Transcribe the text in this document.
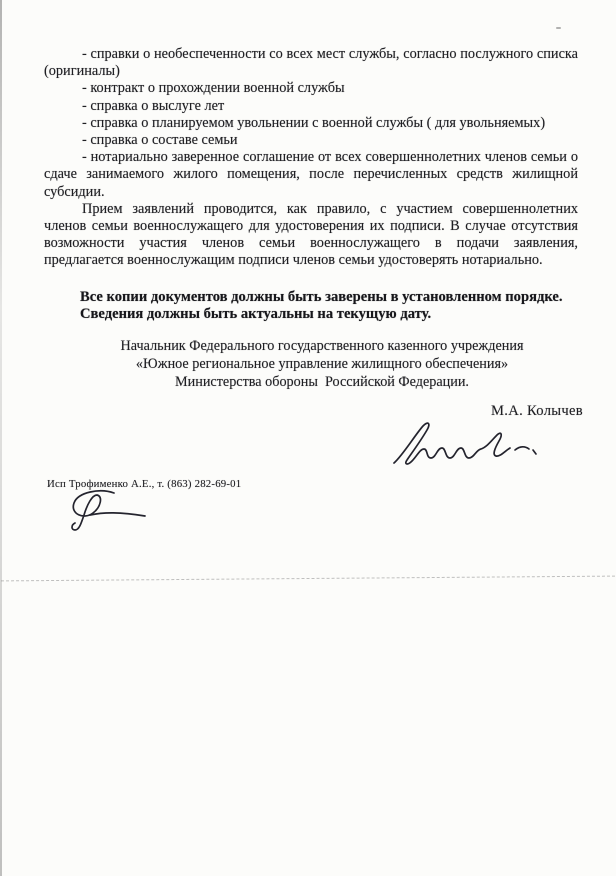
- справки о необеспеченности со всех мест службы, согласно послужного списка (оригиналы)

- контракт о прохождении военной службы

- справка о выслуге лет

- справка о планируемом увольнении с военной службы ( для увольняемых)

- справка о составе семьи

- нотариально заверенное соглашение от всех совершеннолетних членов семьи о сдаче занимаемого жилого помещения, после перечисленных средств жилищной субсидии.

Прием заявлений проводится, как правило, с участием совершеннолетних членов семьи военнослужащего для удостоверения их подписи. В случае отсутствия возможности участия членов семьи военнослужащего в подачи заявления, предлагается военнослужащим подписи членов семьи удостоверять нотариально.

Все копии документов должны быть заверены в установленном порядке.

Сведения должны быть актуальны на текущую дату.

Начальник Федерального государственного казенного учреждения

«Южное региональное управление жилищного обеспечения»

Министерства обороны  Российской Федерации.

М.А. Колычев
Исп Трофименко А.Е., т. (863) 282-69-01
